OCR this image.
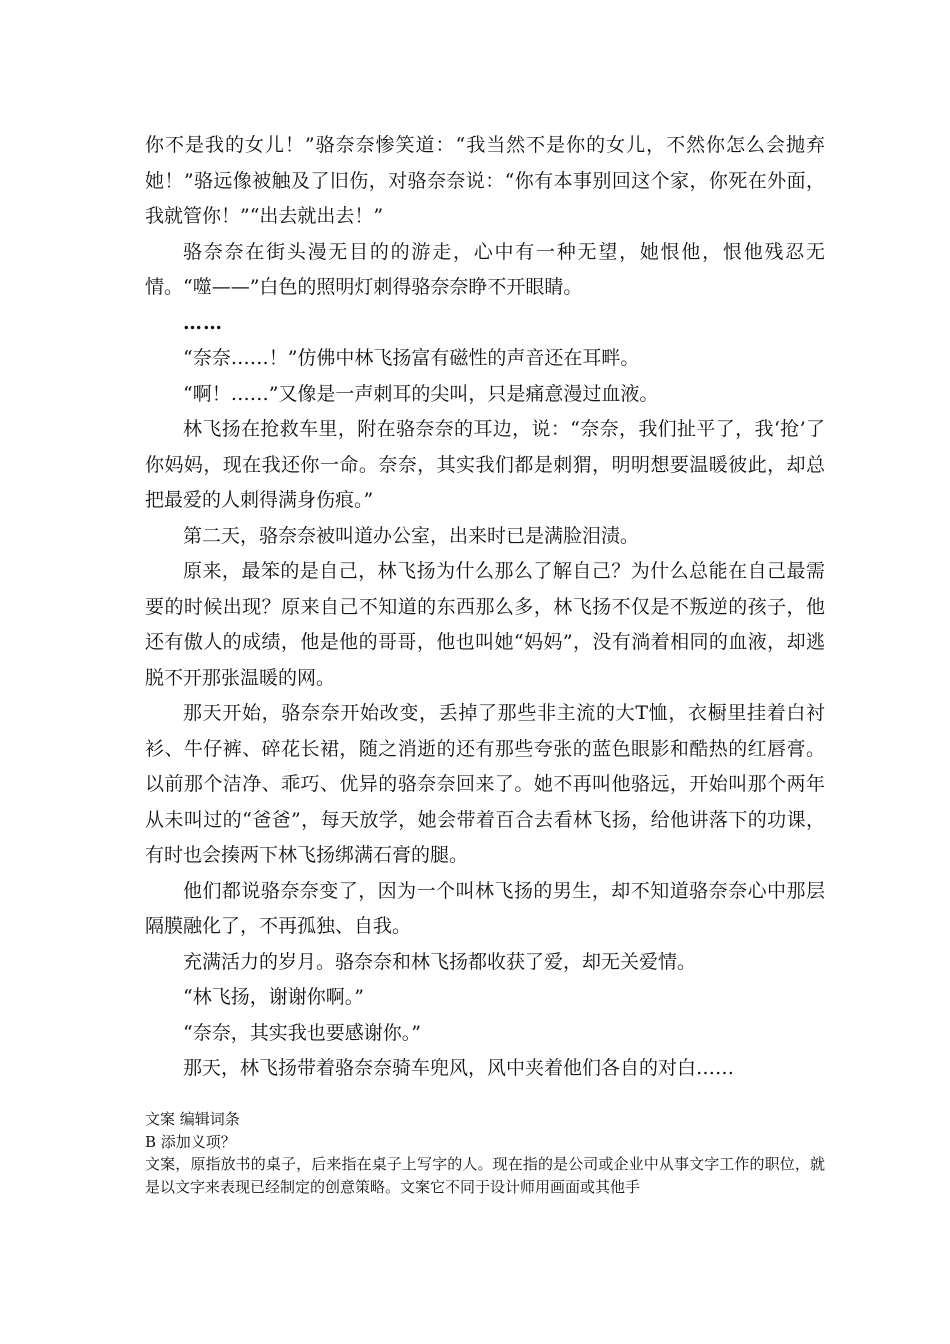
你不是我的女儿！”骆奈奈惨笑道：“我当然不是你的女儿，不然你怎么会抛弃她！”骆远像被触及了旧伤，对骆奈奈说：“你有本事别回这个家，你死在外面，我就管你！”“出去就出去！”

骆奈奈在街头漫无目的的游走，心中有一种无望，她恨他，恨他残忍无情。“噬——”白色的照明灯刺得骆奈奈睁不开眼睛。

……

“奈奈……！”仿佛中林飞扬富有磁性的声音还在耳畔。

“啊！……”又像是一声刺耳的尖叫，只是痛意漫过血液。

林飞扬在抢救车里，附在骆奈奈的耳边，说：“奈奈，我们扯平了，我‘抢’了你妈妈，现在我还你一命。奈奈，其实我们都是刺猬，明明想要温暖彼此，却总把最爱的人刺得满身伤痕。”

第二天，骆奈奈被叫道办公室，出来时已是满脸泪渍。

原来，最笨的是自己，林飞扬为什么那么了解自己？为什么总能在自己最需要的时候出现？原来自己不知道的东西那么多，林飞扬不仅是不叛逆的孩子，他还有傲人的成绩，他是他的哥哥，他也叫她“妈妈”，没有淌着相同的血液，却逃脱不开那张温暖的网。

那天开始，骆奈奈开始改变，丢掉了那些非主流的大T恤，衣橱里挂着白衬衫、牛仔裤、碎花长裙，随之消逝的还有那些夸张的蓝色眼影和酷热的红唇膏。以前那个洁净、乖巧、优异的骆奈奈回来了。她不再叫他骆远，开始叫那个两年从未叫过的“爸爸”，每天放学，她会带着百合去看林飞扬，给他讲落下的功课，有时也会揍两下林飞扬绑满石膏的腿。

他们都说骆奈奈变了，因为一个叫林飞扬的男生，却不知道骆奈奈心中那层隔膜融化了，不再孤独、自我。

充满活力的岁月。骆奈奈和林飞扬都收获了爱，却无关爱情。

“林飞扬，谢谢你啊。”

“奈奈，其实我也要感谢你。”

那天，林飞扬带着骆奈奈骑车兜风，风中夹着他们各自的对白……

文案 编辑词条

B 添加义项？

文案，原指放书的桌子，后来指在桌子上写字的人。现在指的是公司或企业中从事文字工作的职位，就是以文字来表现已经制定的创意策略。文案它不同于设计师用画面或其他手
